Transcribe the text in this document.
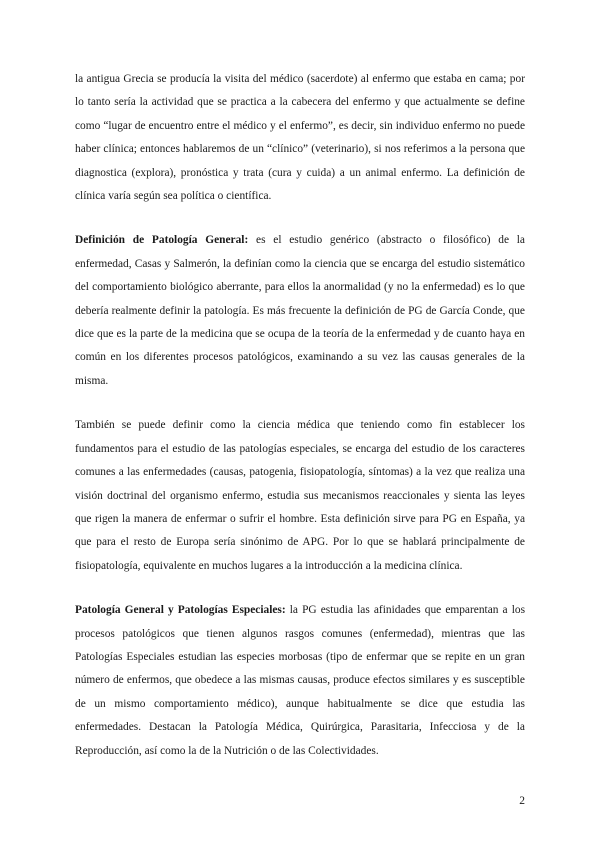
la antigua Grecia se producía la visita del médico (sacerdote) al enfermo que estaba en cama; por lo tanto sería la actividad que se practica a la cabecera del enfermo y que actualmente se define como “lugar de encuentro entre el médico y el enfermo”, es decir, sin individuo enfermo no puede haber clínica; entonces hablaremos de un “clínico” (veterinario), si nos referimos a la persona que diagnostica (explora), pronóstica y trata (cura y cuida) a un animal enfermo. La definición de clínica varía según sea política o científica.

Definición de Patología General: es el estudio genérico (abstracto o filosófico) de la enfermedad, Casas y Salmerón, la definían como la ciencia que se encarga del estudio sistemático del comportamiento biológico aberrante, para ellos la anormalidad (y no la enfermedad) es lo que debería realmente definir la patología. Es más frecuente la definición de PG de García Conde, que dice que es la parte de la medicina que se ocupa de la teoría de la enfermedad y de cuanto haya en común en los diferentes procesos patológicos, examinando a su vez las causas generales de la misma.

También se puede definir como la ciencia médica que teniendo como fin establecer los fundamentos para el estudio de las patologías especiales, se encarga del estudio de los caracteres comunes a las enfermedades (causas, patogenia, fisiopatología, síntomas) a la vez que realiza una visión doctrinal del organismo enfermo, estudia sus mecanismos reaccionales y sienta las leyes que rigen la manera de enfermar o sufrir el hombre. Esta definición sirve para PG en España, ya que para el resto de Europa sería sinónimo de APG. Por lo que se hablará principalmente de fisiopatología, equivalente en muchos lugares a la introducción a la medicina clínica.

Patología General y Patologías Especiales: la PG estudia las afinidades que emparentan a los procesos patológicos que tienen algunos rasgos comunes (enfermedad), mientras que las Patologías Especiales estudian las especies morbosas (tipo de enfermar que se repite en un gran número de enfermos, que obedece a las mismas causas, produce efectos similares y es susceptible de un mismo comportamiento médico), aunque habitualmente se dice que estudia las enfermedades. Destacan la Patología Médica, Quirúrgica, Parasitaria, Infecciosa y de la Reproducción, así como la de la Nutrición o de las Colectividades.

2
